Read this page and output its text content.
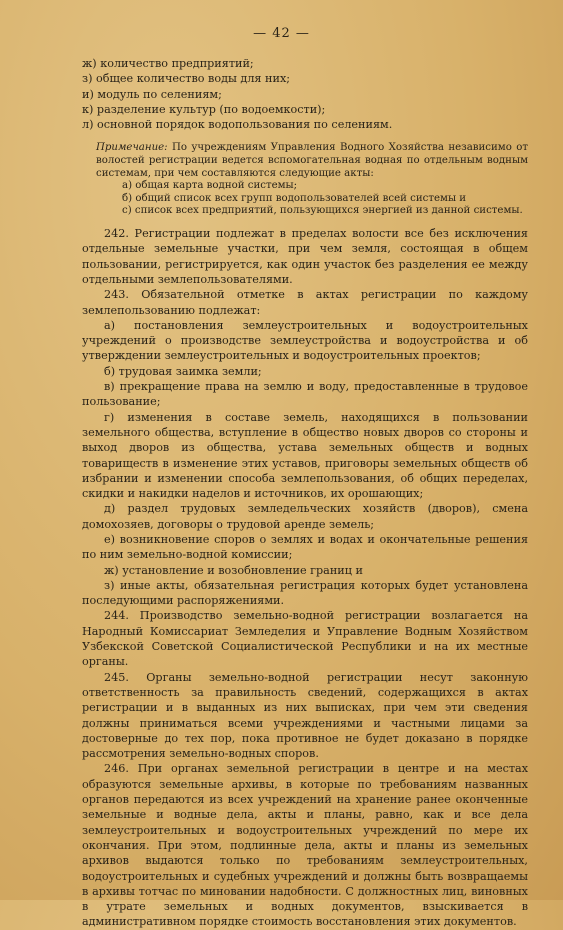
— 42 —

ж) количество предприятий;

з) общее количество воды для них;

и) модуль по селениям;

к) разделение культур (по водоемкости);

л) основной порядок водопользования по селениям.

Примечание: По учреждениям Управления Водного Хозяйства независимо от волостей регистрации ведется вспомогательная водная по отдельным водным системам, при чем составляются следующие акты:
а) общая карта водной системы;
б) общий список всех групп водопользователей всей системы и
с) список всех предприятий, пользующихся энергией из данной системы.

242. Регистрации подлежат в пределах волости все без исключения отдельные земельные участки, при чем земля, состоящая в общем пользовании, регистрируется, как один участок без разделения ее между отдельными землепользователями.

243. Обязательной отметке в актах регистрации по каждому землепользованию подлежат:

а) постановления землеустроительных и водоустроительных учреждений о производстве землеустройства и водоустройства и об утверждении землеустроительных и водоустроительных проектов;

б) трудовая заимка земли;

в) прекращение права на землю и воду, предоставленные в трудовое пользование;

г) изменения в составе земель, находящихся в пользовании земельного общества, вступление в общество новых дворов со стороны и выход дворов из общества, устава земельных обществ и водных товариществ в изменение этих уставов, приговоры земельных обществ об избрании и изменении способа землепользования, об общих переделах, скидки и накидки наделов и источников, их орошающих;

д) раздел трудовых земледельческих хозяйств (дворов), смена домохозяев, договоры о трудовой аренде земель;

е) возникновение споров о землях и водах и окончательные решения по ним земельно-водной комиссии;

ж) установление и возобновление границ и

з) иные акты, обязательная регистрация которых будет установлена последующими распоряжениями.

244. Производство земельно-водной регистрации возлагается на Народный Комиссариат Земледелия и Управление Водным Хозяйством Узбекской Советской Социалистической Республики и на их местные органы.

245. Органы земельно-водной регистрации несут законную ответственность за правильность сведений, содержащихся в актах регистрации и в выданных из них выписках, при чем эти сведения должны приниматься всеми учреждениями и частными лицами за достоверные до тех пор, пока противное не будет доказано в порядке рассмотрения земельно-водных споров.

246. При органах земельной регистрации в центре и на местах образуются земельные архивы, в которые по требованиям названных органов передаются из всех учреждений на хранение ранее оконченные земельные и водные дела, акты и планы, равно, как и все дела землеустроительных и водоустроительных учреждений по мере их окончания. При этом, подлинные дела, акты и планы из земельных архивов выдаются только по требованиям землеустроительных, водоустроительных и судебных учреждений и должны быть возвращаемы в архивы тотчас по миновании надобности. С должностных лиц, виновных в утрате земельных и водных документов, взыскивается в административном порядке стоимость восстановления этих документов.
